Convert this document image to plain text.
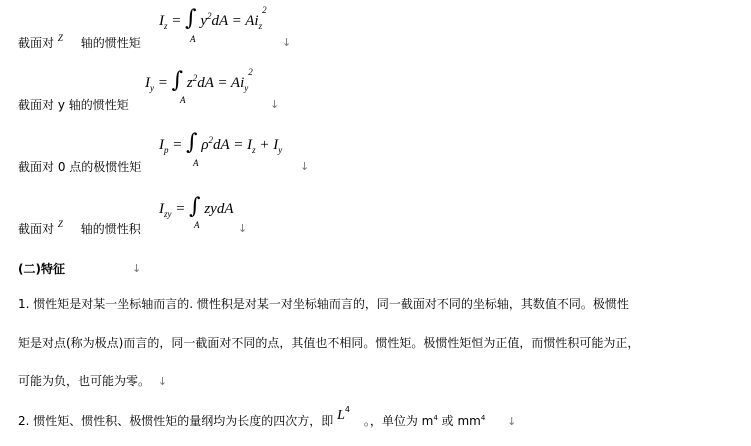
$I_z$ = ∫ $y^2dA = Ai_z^2$
A
截面对 $^Z$ 轴的惯性矩	↓
$I_y$ = ∫ $z^2dA = Ai_y^2$
A
截面对 y 轴的惯性矩	↓
$I_p$ = ∫ $\rho^2dA = I_z + I_y$
A
截面对 0 点的极惯性矩	↓
$I_{zy}$ = ∫ zydA
A
截面对 $^Z$ 轴的惯性积	↓
(二)特征	↓
1. 惯性矩是对某一坐标轴而言的. 惯性积是对某一对坐标轴而言的，同一截面对不同的坐标轴，其数值不同。极惯性
矩是对点(称为极点)而言的，同一截面对不同的点，其值也不相同。惯性矩。极惯性矩恒为正值，而惯性积可能为正，
可能为负，也可能为零。 ↓
2. 惯性矩、惯性积、极惯性矩的量纲均为长度的四次方，即 $L^4$ 。，单位为 $m^4$ 或 $mm^4$ ↓
